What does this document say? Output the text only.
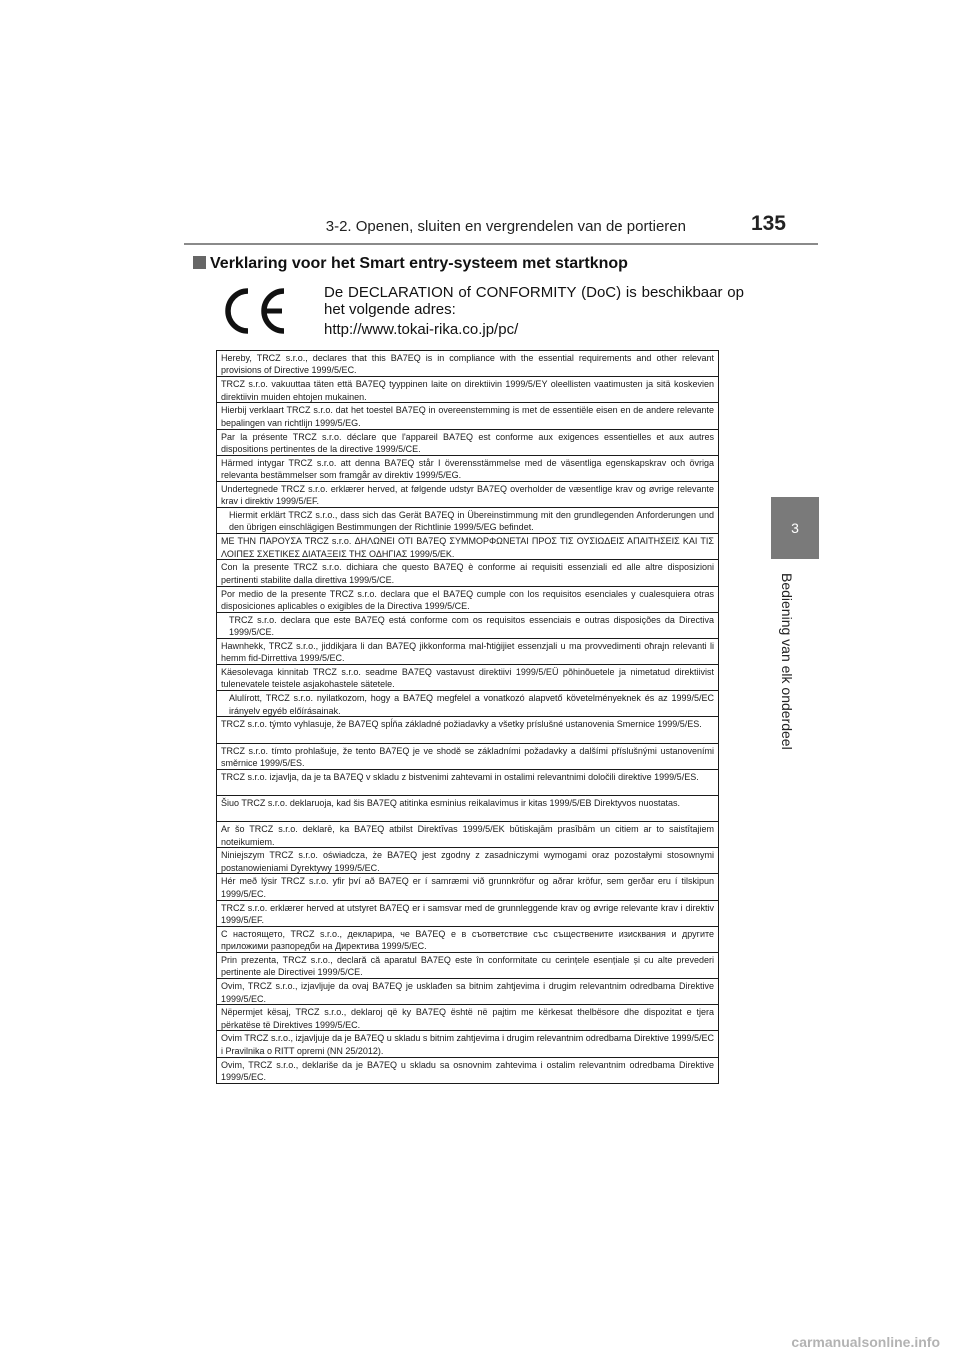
3-2. Openen, sluiten en vergrendelen van de portieren	135
3
Bediening van elk onderdeel
Verklaring voor het Smart entry-systeem met startknop
De DECLARATION of CONFORMITY (DoC) is beschikbaar op het volgende adres:
http://www.tokai-rika.co.jp/pc/
Hereby, TRCZ s.r.o., declares that this BA7EQ is in compliance with the essential requirements and other relevant provisions of Directive 1999/5/EC.
TRCZ s.r.o. vakuuttaa täten että BA7EQ tyyppinen laite on direktiivin 1999/5/EY oleellisten vaatimusten ja sitä koskevien direktiivin muiden ehtojen mukainen.
Hierbij verklaart TRCZ s.r.o. dat het toestel BA7EQ in overeenstemming is met de essentiële eisen en de andere relevante bepalingen van richtlijn 1999/5/EG.
Par la présente TRCZ s.r.o. déclare que l'appareil BA7EQ est conforme aux exigences essentielles et aux autres dispositions pertinentes de la directive 1999/5/CE.
Härmed intygar TRCZ s.r.o. att denna BA7EQ står I överensstämmelse med de väsentliga egenskapskrav och övriga relevanta bestämmelser som framgår av direktiv 1999/5/EG.
Undertegnede TRCZ s.r.o. erklærer herved, at følgende udstyr BA7EQ overholder de væsentlige krav og øvrige relevante krav i direktiv 1999/5/EF.
Hiermit erklärt TRCZ s.r.o., dass sich das Gerät BA7EQ in Übereinstimmung mit den grundlegenden Anforderungen und den übrigen einschlägigen Bestimmungen der Richtlinie 1999/5/EG befindet.
ΜΕ ΤΗΝ ΠΑΡΟΥΣΑ TRCZ s.r.o. ΔΗΛΩΝΕΙ ΟΤΙ BA7EQ ΣΥΜΜΟΡΦΩΝΕΤΑΙ ΠΡΟΣ ΤΙΣ ΟΥΣΙΩΔΕΙΣ ΑΠΑΙΤΗΣΕΙΣ ΚΑΙ ΤΙΣ ΛΟΙΠΕΣ ΣΧΕΤΙΚΕΣ ΔΙΑΤΑΞΕΙΣ ΤΗΣ ΟΔΗΓΙΑΣ 1999/5/ΕΚ.
Con la presente TRCZ s.r.o. dichiara che questo BA7EQ è conforme ai requisiti essenziali ed alle altre disposizioni pertinenti stabilite dalla direttiva 1999/5/CE.
Por medio de la presente TRCZ s.r.o. declara que el BA7EQ cumple con los requisitos esenciales y cualesquiera otras disposiciones aplicables o exigibles de la Directiva 1999/5/CE.
TRCZ s.r.o. declara que este BA7EQ está conforme com os requisitos essenciais e outras disposições da Directiva 1999/5/CE.
Hawnhekk, TRCZ s.r.o., jiddikjara li dan BA7EQ jikkonforma mal-ħtiġijiet essenzjali u ma provvedimenti oħrajn relevanti li hemm fid-Dirrettiva 1999/5/EC.
Käesolevaga kinnitab TRCZ s.r.o. seadme BA7EQ vastavust direktiivi 1999/5/EÜ põhinõuetele ja nimetatud direktiivist tulenevatele teistele asjakohastele sätetele.
Alulírott, TRCZ s.r.o. nyilatkozom, hogy a BA7EQ megfelel a vonatkozó alapvető követelményeknek és az 1999/5/EC irányelv egyéb előírásainak.
TRCZ s.r.o. týmto vyhlasuje, že BA7EQ spĺňa základné požiadavky a všetky príslušné ustanovenia Smernice 1999/5/ES.
TRCZ s.r.o. tímto prohlašuje, že tento BA7EQ je ve shodě se základními požadavky a dalšími příslušnými ustanoveními směrnice 1999/5/ES.
TRCZ s.r.o. izjavlja, da je ta BA7EQ v skladu z bistvenimi zahtevami in ostalimi relevantnimi določili direktive 1999/5/ES.
Šiuo TRCZ s.r.o. deklaruoja, kad šis BA7EQ atitinka esminius reikalavimus ir kitas 1999/5/EB Direktyvos nuostatas.
Ar šo TRCZ s.r.o. deklarē, ka BA7EQ atbilst Direktīvas 1999/5/EK būtiskajām prasībām un citiem ar to saistītajiem noteikumiem.
Niniejszym TRCZ s.r.o. oświadcza, że BA7EQ jest zgodny z zasadniczymi wymogami oraz pozostałymi stosownymi postanowieniami Dyrektywy 1999/5/EC.
Hér með lýsir TRCZ s.r.o. yfir því að BA7EQ er í samræmi við grunnkröfur og aðrar kröfur, sem gerðar eru í tilskipun 1999/5/EC.
TRCZ s.r.o. erklærer herved at utstyret BA7EQ er i samsvar med de grunnleggende krav og øvrige relevante krav i direktiv 1999/5/EF.
С настоящето, TRCZ s.r.o., декларира, че BA7EQ е в съответствие със съществените изисквания и другите приложими разпоредби на Директива 1999/5/ЕС.
Prin prezenta, TRCZ s.r.o., declară că aparatul BA7EQ este în conformitate cu cerințele esențiale și cu alte prevederi pertinente ale Directivei 1999/5/CE.
Ovim, TRCZ s.r.o., izjavljuje da ovaj BA7EQ je usklađen sa bitnim zahtjevima i drugim relevantnim odredbama Direktive 1999/5/EC.
Nëpermjet kësaj, TRCZ s.r.o., deklaroj që ky BA7EQ është në pajtim me kërkesat thelbësore dhe dispozitat e tjera përkatëse të Direktives 1999/5/EC.
Ovim TRCZ s.r.o., izjavljuje da je BA7EQ u skladu s bitnim zahtjevima i drugim relevantnim odredbama Direktive 1999/5/EC i Pravilnika o RITT opremi (NN 25/2012).
Ovim, TRCZ s.r.o., deklariše da je BA7EQ u skladu sa osnovnim zahtevima i ostalim relevantnim odredbama Direktive 1999/5/EC.
carmanualsonline.info
